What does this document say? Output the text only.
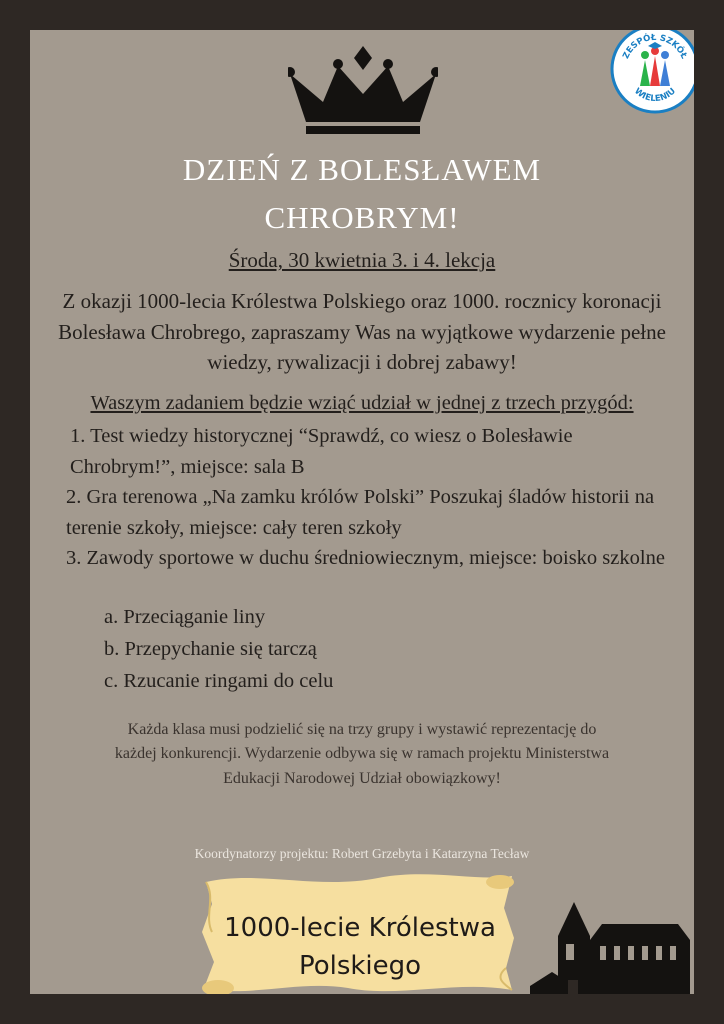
ZESPÓŁ SZKÓŁ
WIELENIU
DZIEŃ Z BOLESŁAWEM
CHROBRYM!
Środa, 30 kwietnia 3. i 4. lekcja
Z okazji 1000-lecia Królestwa Polskiego oraz 1000. rocznicy koronacji Bolesława Chrobrego, zapraszamy Was na wyjątkowe wydarzenie pełne wiedzy, rywalizacji i dobrej zabawy!
Waszym zadaniem będzie wziąć udział w jednej z trzech przygód:
1. Test wiedzy historycznej “Sprawdź, co wiesz o Bolesławie Chrobrym!”, miejsce: sala B
2. Gra terenowa „Na zamku królów Polski” Poszukaj śladów historii na terenie szkoły, miejsce: cały teren szkoły
3. Zawody sportowe w duchu średniowiecznym, miejsce: boisko szkolne
a. Przeciąganie liny
b. Przepychanie się tarczą
c. Rzucanie ringami do celu
Każda klasa musi podzielić się na trzy grupy i wystawić reprezentację do każdej konkurencji. Wydarzenie odbywa się w ramach projektu Ministerstwa Edukacji Narodowej Udział obowiązkowy!
Koordynatorzy projektu: Robert Grzebyta i Katarzyna Tecław
1000-lecie Królestwa
Polskiego
